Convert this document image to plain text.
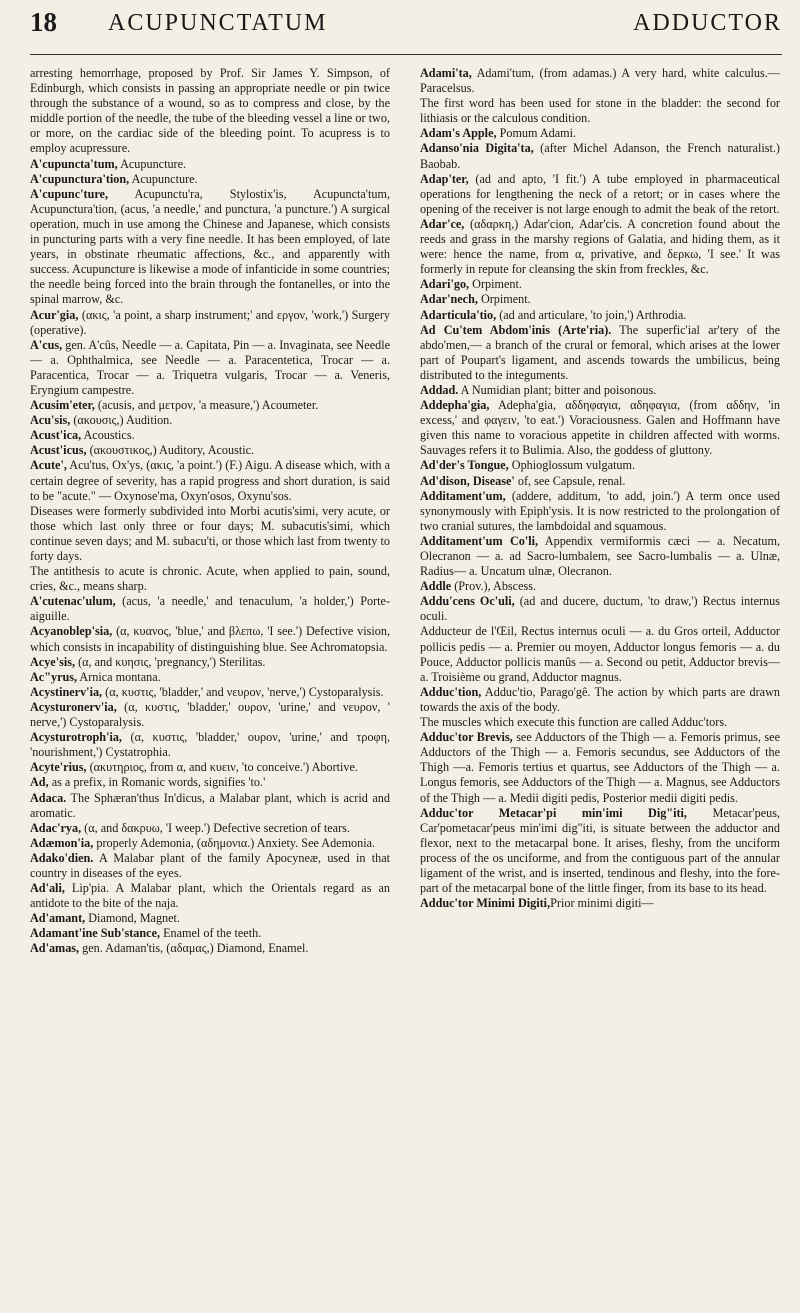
18 ACUPUNCTATUM	ADDUCTOR

arresting hemorrhage, proposed by Prof. Sir James Y. Simpson, of Edinburgh, which consists in passing an appropriate needle or pin twice through the substance of a wound, so as to compress and close, by the middle portion of the needle, the tube of the bleeding vessel a line or two, or more, on the cardiac side of the bleeding point. To acupress is to employ acupressure.

A'cupuncta'tum, Acupuncture.

A'cupunctura'tion, Acupuncture.

A'cupunc'ture, Acupunctu'ra, Stylostix'is, Acupuncta'tum, Acupunctura'tion, (acus, 'a needle,' and punctura, 'a puncture.') A surgical operation, much in use among the Chinese and Japanese, which consists in puncturing parts with a very fine needle. It has been employed, of late years, in obstinate rheumatic affections, &c., and apparently with success. Acupuncture is likewise a mode of infanticide in some countries; the needle being forced into the brain through the fontanelles, or into the spinal marrow, &c.

Acur'gia, (ακις, 'a point, a sharp instrument;' and εργον, 'work,') Surgery (operative).

A'cus, gen. A'cûs, Needle — a. Capitata, Pin — a. Invaginata, see Needle — a. Ophthalmica, see Needle — a. Paracentetica, Trocar — a. Paracentica, Trocar — a. Triquetra vulgaris, Trocar — a. Veneris, Eryngium campestre.

Acusim'eter, (acusis, and μετρον, 'a measure,') Acoumeter.

Acu'sis, (ακουσις,) Audition.

Acust'ica, Acoustics.

Acust'icus, (ακουστικος,) Auditory, Acoustic.

Acute', Acu'tus, Ox'ys, (ακις, 'a point.') (F.) Aigu. A disease which, with a certain degree of severity, has a rapid progress and short duration, is said to be "acute." — Oxynose'ma, Oxyn'osos, Oxynu'sos.

Diseases were formerly subdivided into Morbi acutis'simi, very acute, or those which last only three or four days; M. subacutis'simi, which continue seven days; and M. subacu'ti, or those which last from twenty to forty days.

The antithesis to acute is chronic. Acute, when applied to pain, sound, cries, &c., means sharp.

A'cutenac'ulum, (acus, 'a needle,' and tenaculum, 'a holder,') Porte-aiguille.

Acyanoblep'sia, (α, κυανος, 'blue,' and βλεπω, 'I see.') Defective vision, which consists in incapability of distinguishing blue. See Achromatopsia.

Acye'sis, (α, and κυησις, 'pregnancy,') Sterilitas.

Ac"yrus, Arnica montana.

Acystinerv'ia, (α, κυστις, 'bladder,' and νευρον, 'nerve,') Cystoparalysis.

Acysturonerv'ia, (α, κυστις, 'bladder,' ουρον, 'urine,' and νευρον, ' nerve,') Cystoparalysis.

Acysturotroph'ia, (α, κυστις, 'bladder,' ουρον, 'urine,' and τροφη, 'nourishment,') Cystatrophia.

Acyte'rius, (ακυτηριος, from α, and κυειν, 'to conceive.') Abortive.

Ad, as a prefix, in Romanic words, signifies 'to.'

Adaca. The Sphæran'thus In'dicus, a Malabar plant, which is acrid and aromatic.

Adac'rya, (α, and δακρυω, 'I weep.') Defective secretion of tears.

Adæmon'ia, properly Ademonia, (αδημονια.) Anxiety. See Ademonia.

Adako'dien. A Malabar plant of the family Apocyneæ, used in that country in diseases of the eyes.

Ad'ali, Lip'pia. A Malabar plant, which the Orientals regard as an antidote to the bite of the naja.

Ad'amant, Diamond, Magnet.

Adamant'ine Sub'stance, Enamel of the teeth.

Ad'amas, gen. Adaman'tis, (αδαμας,) Diamond, Enamel.

Adami'ta, Adami'tum, (from adamas.) A very hard, white calculus.—Paracelsus.

The first word has been used for stone in the bladder: the second for lithiasis or the calculous condition.

Adam's Apple, Pomum Adami.

Adanso'nia Digita'ta, (after Michel Adanson, the French naturalist.) Baobab.

Adap'ter, (ad and apto, 'I fit.') A tube employed in pharmaceutical operations for lengthening the neck of a retort; or in cases where the opening of the receiver is not large enough to admit the beak of the retort.

Adar'ce, (αδαρκη,) Adar'cion, Adar'cis. A concretion found about the reeds and grass in the marshy regions of Galatia, and hiding them, as it were: hence the name, from α, privative, and δερκω, 'I see.' It was formerly in repute for cleansing the skin from freckles, &c.

Adari'go, Orpiment.

Adar'nech, Orpiment.

Adarticula'tio, (ad and articulare, 'to join,') Arthrodia.

Ad Cu'tem Abdom'inis (Arte'ria). The superfic'ial ar'tery of the abdo'men,— a branch of the crural or femoral, which arises at the lower part of Poupart's ligament, and ascends towards the umbilicus, being distributed to the integuments.

Addad. A Numidian plant; bitter and poisonous.

Addepha'gia, Adepha'gia, αδδηφαγια, αδηφαγια, (from αδδην, 'in excess,' and φαγειν, 'to eat.') Voraciousness. Galen and Hoffmann have given this name to voracious appetite in children affected with worms. Sauvages refers it to Bulimia. Also, the goddess of gluttony.

Ad'der's Tongue, Ophioglossum vulgatum.

Ad'dison, Disease' of, see Capsule, renal.

Additament'um, (addere, additum, 'to add, join.') A term once used synonymously with Epiph'ysis. It is now restricted to the prolongation of two cranial sutures, the lambdoidal and squamous.

Additament'um Co'li, Appendix vermiformis cæci — a. Necatum, Olecranon — a. ad Sacro-lumbalem, see Sacro-lumbalis — a. Ulnæ, Radius— a. Uncatum ulnæ, Olecranon.

Addle (Prov.), Abscess.

Addu'cens Oc'uli, (ad and ducere, ductum, 'to draw,') Rectus internus oculi.

Adducteur de l'Œil, Rectus internus oculi — a. du Gros orteil, Adductor pollicis pedis — a. Premier ou moyen, Adductor longus femoris — a. du Pouce, Adductor pollicis manûs — a. Second ou petit, Adductor brevis—a. Troisième ou grand, Adductor magnus.

Adduc'tion, Adduc'tio, Parago'gê. The action by which parts are drawn towards the axis of the body.

The muscles which execute this function are called Adduc'tors.

Adduc'tor Brevis, see Adductors of the Thigh — a. Femoris primus, see Adductors of the Thigh — a. Femoris secundus, see Adductors of the Thigh —a. Femoris tertius et quartus, see Adductors of the Thigh — a. Longus femoris, see Adductors of the Thigh — a. Magnus, see Adductors of the Thigh — a. Medii digiti pedis, Posterior medii digiti pedis.

Adduc'tor Metacar'pi min'imi Dig"iti, Metacar'peus, Car'pometacar'peus min'imi dig"iti, is situate between the adductor and flexor, next to the metacarpal bone. It arises, fleshy, from the unciform process of the os unciforme, and from the contiguous part of the annular ligament of the wrist, and is inserted, tendinous and fleshy, into the fore-part of the metacarpal bone of the little finger, from its base to its head.

Adduc'tor Minimi Digiti,Prior minimi digiti—
